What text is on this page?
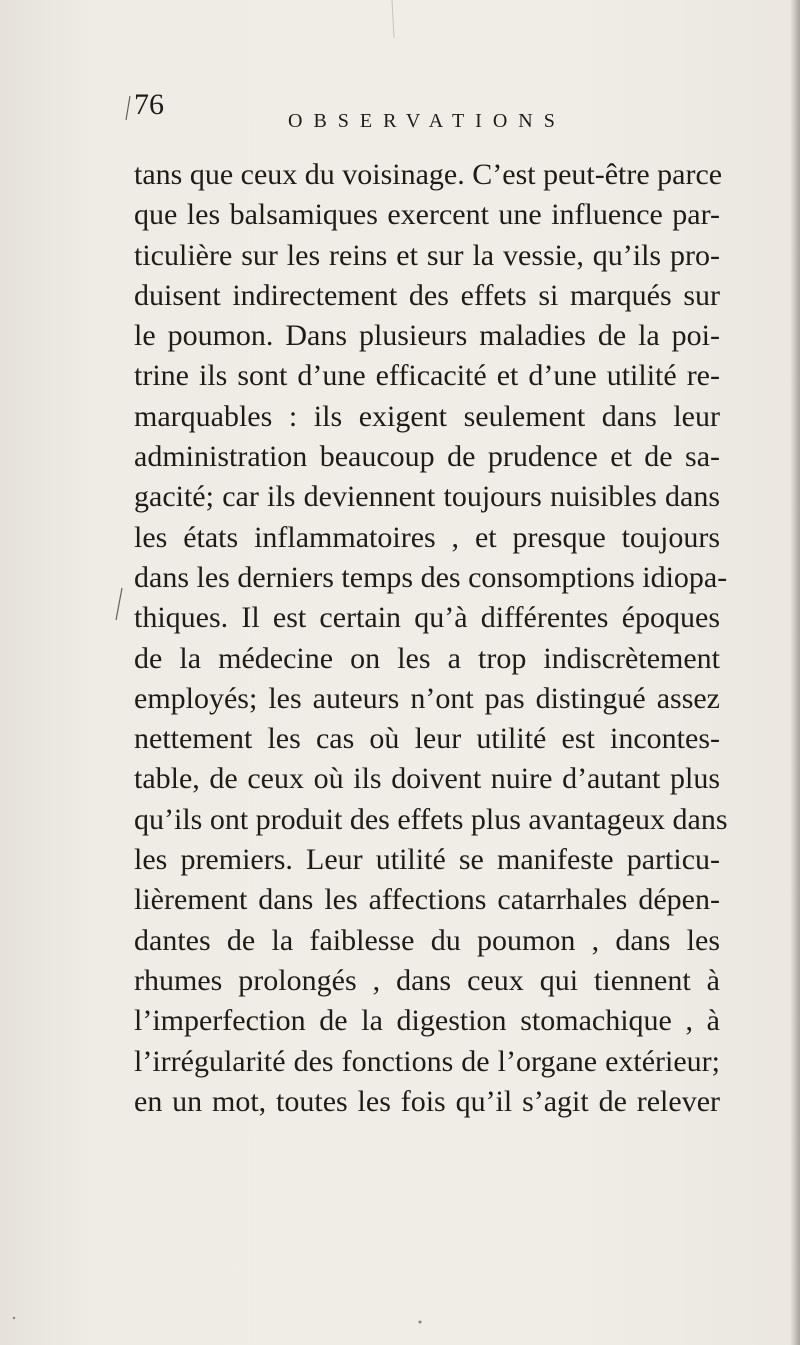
76	OBSERVATIONS
tans que ceux du voisinage. C’est peut-être parce
que les balsamiques exercent une influence par-
ticulière sur les reins et sur la vessie, qu’ils pro-
duisent indirectement des effets si marqués sur
le poumon. Dans plusieurs maladies de la poi-
trine ils sont d’une efficacité et d’une utilité re-
marquables : ils exigent seulement dans leur
administration beaucoup de prudence et de sa-
gacité; car ils deviennent toujours nuisibles dans
les états inflammatoires , et presque toujours
dans les derniers temps des consomptions idiopa-
thiques. Il est certain qu’à différentes époques
de la médecine on les a trop indiscrètement
employés; les auteurs n’ont pas distingué assez
nettement les cas où leur utilité est incontes-
table, de ceux où ils doivent nuire d’autant plus
qu’ils ont produit des effets plus avantageux dans
les premiers. Leur utilité se manifeste particu-
lièrement dans les affections catarrhales dépen-
dantes de la faiblesse du poumon , dans les
rhumes prolongés , dans ceux qui tiennent à
l’imperfection de la digestion stomachique , à
l’irrégularité des fonctions de l’organe extérieur;
en un mot, toutes les fois qu’il s’agit de relever
